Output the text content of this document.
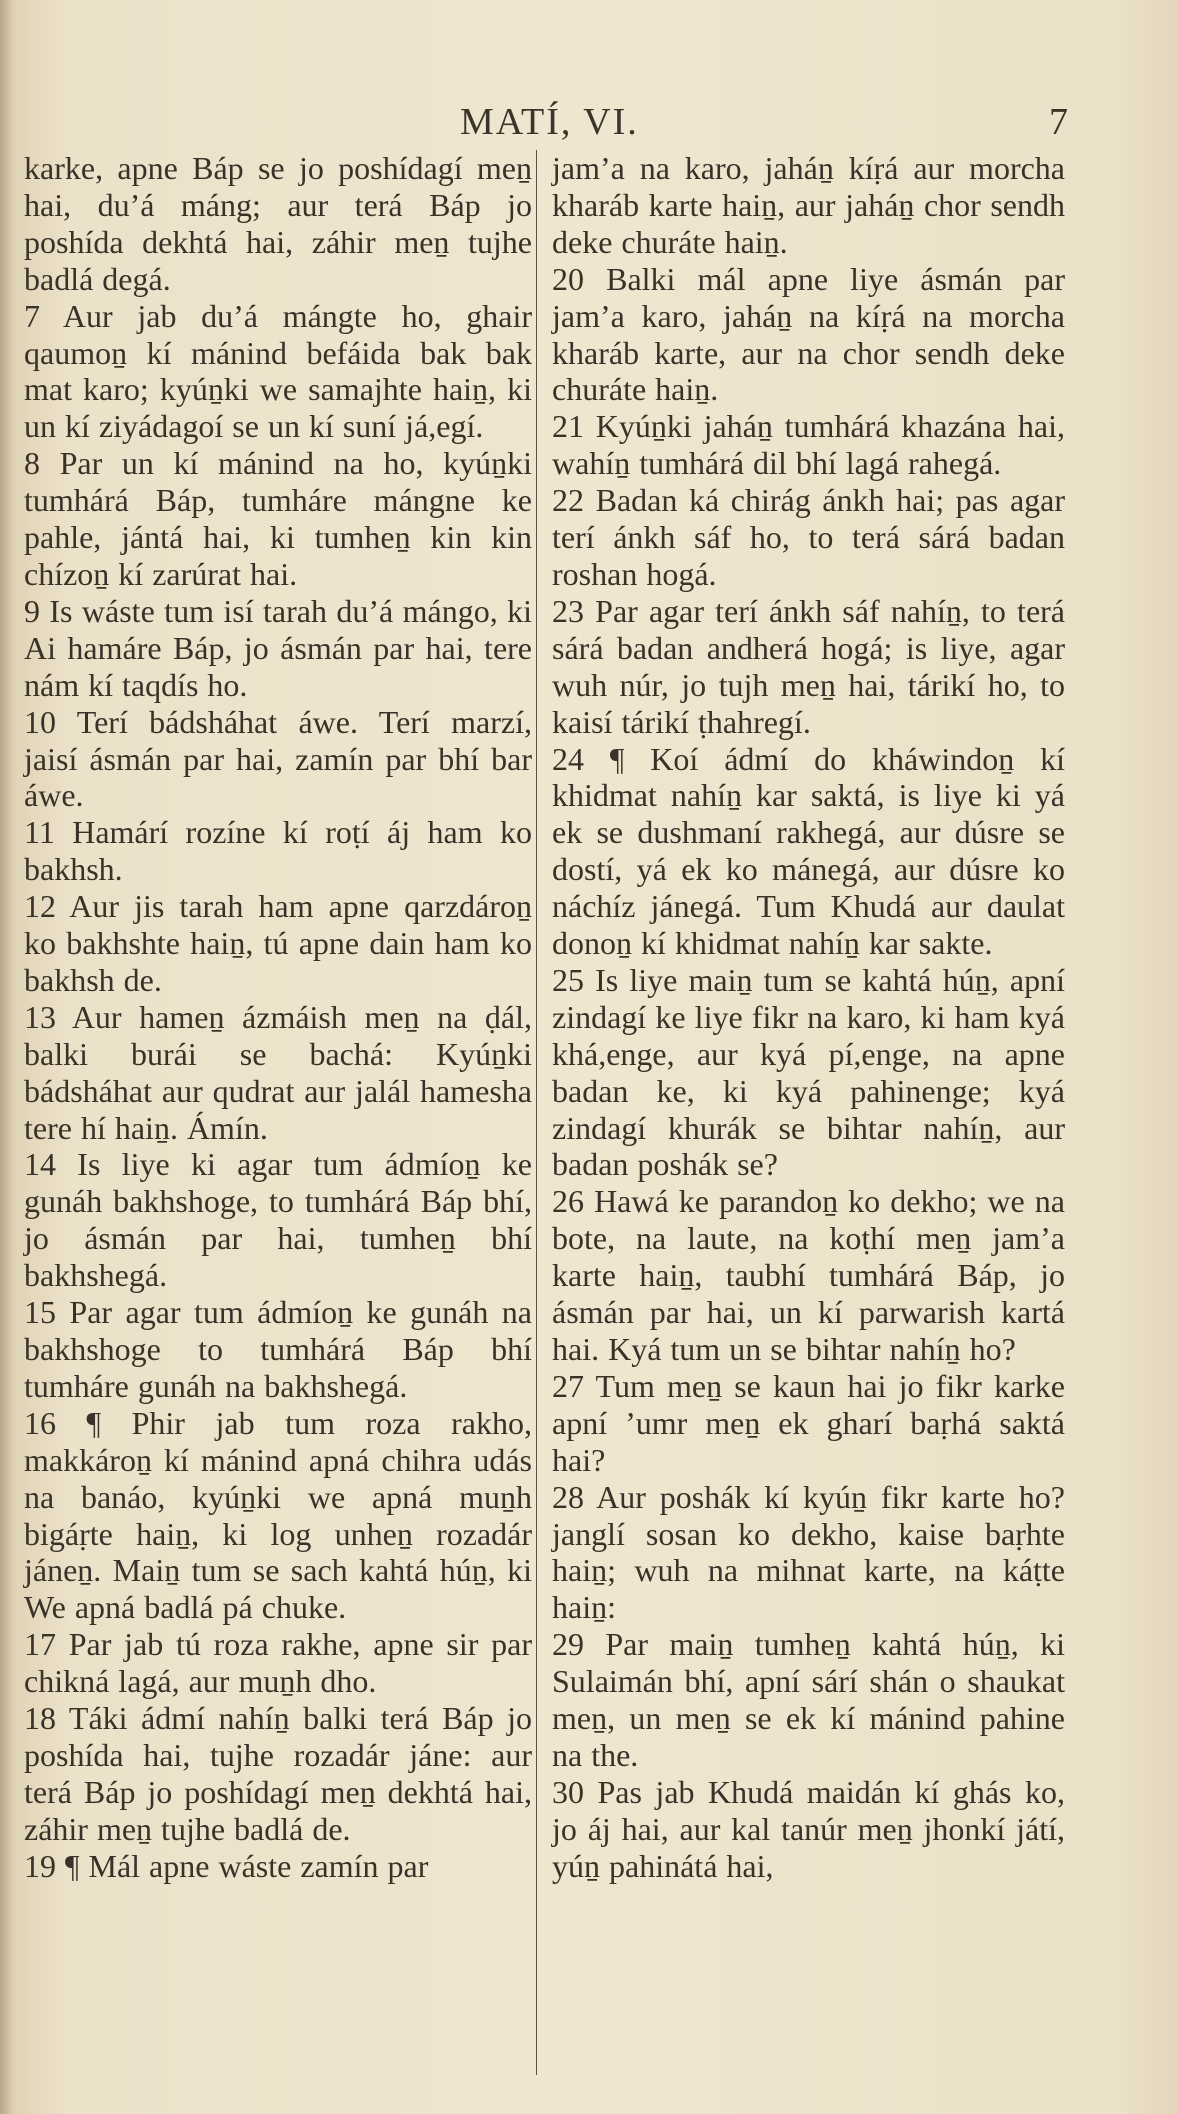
MATÍ, VI.	7

karke, apne Báp se jo poshídagí meṉ hai, du’á máng; aur terá Báp jo poshída dekhtá hai, záhir meṉ tujhe badlá degá.

7 Aur jab du’á mángte ho, ghair qaumoṉ kí mánind befáida bak bak mat karo; kyúṉki we samajhte haiṉ, ki un kí ziyádagoí se un kí suní já,egí.

8 Par un kí mánind na ho, kyúṉki tumhárá Báp, tumháre mángne ke pahle, jántá hai, ki tumheṉ kin kin chízoṉ kí zarúrat hai.

9 Is wáste tum isí tarah du’á mángo, ki Ai hamáre Báp, jo ásmán par hai, tere nám kí taqdís ho.

10 Terí bádsháhat áwe. Terí marzí, jaisí ásmán par hai, zamín par bhí bar áwe.

11 Hamárí rozíne kí roṭí áj ham ko bakhsh.

12 Aur jis tarah ham apne qarzdároṉ ko bakhshte haiṉ, tú apne dain ham ko bakhsh de.

13 Aur hameṉ ázmáish meṉ na ḍál, balki burái se bachá: Kyúṉki bádsháhat aur qudrat aur jalál hamesha tere hí haiṉ. Ámín.

14 Is liye ki agar tum ádmíoṉ ke gunáh bakhshoge, to tumhárá Báp bhí, jo ásmán par hai, tumheṉ bhí bakhshegá.

15 Par agar tum ádmíoṉ ke gunáh na bakhshoge to tumhárá Báp bhí tumháre gunáh na bakhshegá.

16 ¶ Phir jab tum roza rakho, makkároṉ kí mánind apná chihra udás na banáo, kyúṉki we apná muṉh bigáṛte haiṉ, ki log unheṉ rozadár jáneṉ. Maiṉ tum se sach kahtá húṉ, ki We apná badlá pá chuke.

17 Par jab tú roza rakhe, apne sir par chikná lagá, aur muṉh dho.

18 Táki ádmí nahíṉ balki terá Báp jo poshída hai, tujhe rozadár jáne: aur terá Báp jo poshídagí meṉ dekhtá hai, záhir meṉ tujhe badlá de.

19 ¶ Mál apne wáste zamín par

jam’a na karo, jaháṉ kíṛá aur morcha kharáb karte haiṉ, aur jaháṉ chor sendh deke churáte haiṉ.

20 Balki mál apne liye ásmán par jam’a karo, jaháṉ na kíṛá na morcha kharáb karte, aur na chor sendh deke churáte haiṉ.

21 Kyúṉki jaháṉ tumhárá khazána hai, wahíṉ tumhárá dil bhí lagá rahegá.

22 Badan ká chirág ánkh hai; pas agar terí ánkh sáf ho, to terá sárá badan roshan hogá.

23 Par agar terí ánkh sáf nahíṉ, to terá sárá badan andherá hogá; is liye, agar wuh núr, jo tujh meṉ hai, tárikí ho, to kaisí tárikí ṭhahregí.

24 ¶ Koí ádmí do kháwindoṉ kí khidmat nahíṉ kar saktá, is liye ki yá ek se dushmaní rakhegá, aur dúsre se dostí, yá ek ko mánegá, aur dúsre ko náchíz jánegá. Tum Khudá aur daulat donoṉ kí khidmat nahíṉ kar sakte.

25 Is liye maiṉ tum se kahtá húṉ, apní zindagí ke liye fikr na karo, ki ham kyá khá,enge, aur kyá pí,enge, na apne badan ke, ki kyá pahinenge; kyá zindagí khurák se bihtar nahíṉ, aur badan poshák se?

26 Hawá ke parandoṉ ko dekho; we na bote, na laute, na koṭhí meṉ jam’a karte haiṉ, taubhí tumhárá Báp, jo ásmán par hai, un kí parwarish kartá hai. Kyá tum un se bihtar nahíṉ ho?

27 Tum meṉ se kaun hai jo fikr karke apní ’umr meṉ ek gharí baṛhá saktá hai?

28 Aur poshák kí kyúṉ fikr karte ho? janglí sosan ko dekho, kaise baṛhte haiṉ; wuh na mihnat karte, na káṭte haiṉ:

29 Par maiṉ tumheṉ kahtá húṉ, ki Sulaimán bhí, apní sárí shán o shaukat meṉ, un meṉ se ek kí mánind pahine na the.

30 Pas jab Khudá maidán kí ghás ko, jo áj hai, aur kal tanúr meṉ jhonkí játí, yúṉ pahinátá hai,
